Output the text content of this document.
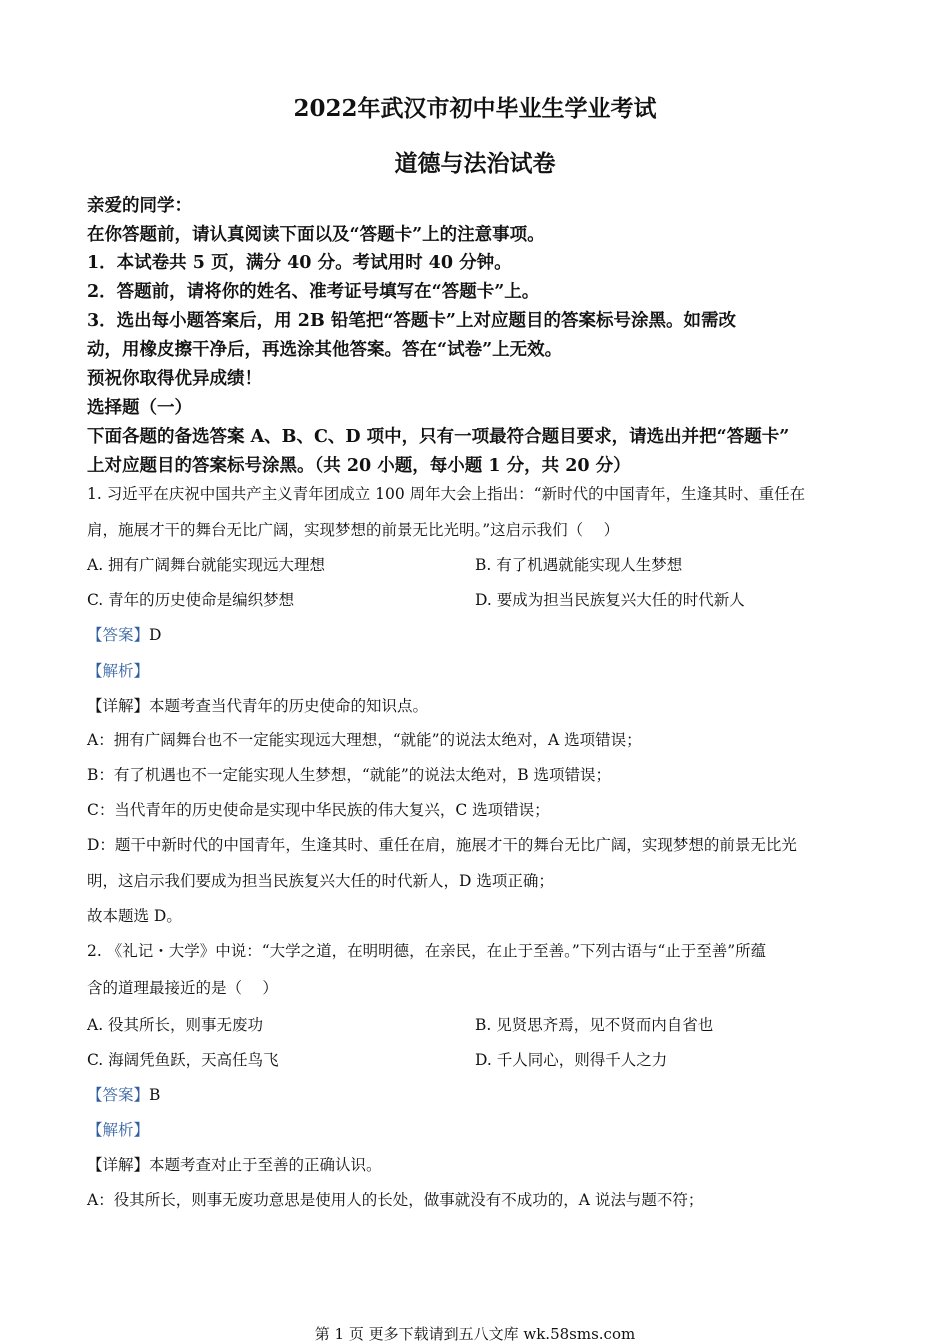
2022年武汉市初中毕业生学业考试
道德与法治试卷
亲爱的同学：
在你答题前，请认真阅读下面以及“答题卡”上的注意事项。
1．本试卷共 5 页，满分 40 分。考试用时 40 分钟。
2．答题前，请将你的姓名、准考证号填写在“答题卡”上。
3．选出每小题答案后，用 2B 铅笔把“答题卡”上对应题目的答案标号涂黑。如需改
动，用橡皮擦干净后，再选涂其他答案。答在“试卷”上无效。
预祝你取得优异成绩！
选择题（一）
下面各题的备选答案 A、B、C、D 项中，只有一项最符合题目要求，请选出并把“答题卡”
上对应题目的答案标号涂黑。（共 20 小题，每小题 1 分，共 20 分）
1. 习近平在庆祝中国共产主义青年团成立 100 周年大会上指出：“新时代的中国青年，生逢其时、重任在
肩，施展才干的舞台无比广阔，实现梦想的前景无比光明。”这启示我们（　 ）
A. 拥有广阔舞台就能实现远大理想	B. 有了机遇就能实现人生梦想
C. 青年的历史使命是编织梦想	D. 要成为担当民族复兴大任的时代新人
【答案】D
【解析】
【详解】本题考查当代青年的历史使命的知识点。
A：拥有广阔舞台也不一定能实现远大理想，“就能”的说法太绝对，A 选项错误；
B：有了机遇也不一定能实现人生梦想，“就能”的说法太绝对，B 选项错误；
C：当代青年的历史使命是实现中华民族的伟大复兴，C 选项错误；
D：题干中新时代的中国青年，生逢其时、重任在肩，施展才干的舞台无比广阔，实现梦想的前景无比光
明，这启示我们要成为担当民族复兴大任的时代新人，D 选项正确；
故本题选 D。
2. 《礼记・大学》中说：“大学之道，在明明德，在亲民，在止于至善。”下列古语与“止于至善”所蕴
含的道理最接近的是（　 ）
A. 役其所长，则事无废功	B. 见贤思齐焉，见不贤而内自省也
C. 海阔凭鱼跃，天高任鸟飞	D. 千人同心，则得千人之力
【答案】B
【解析】
【详解】本题考查对止于至善的正确认识。
A：役其所长，则事无废功意思是使用人的长处，做事就没有不成功的，A 说法与题不符；
第 1 页 更多下载请到五八文库 wk.58sms.com
